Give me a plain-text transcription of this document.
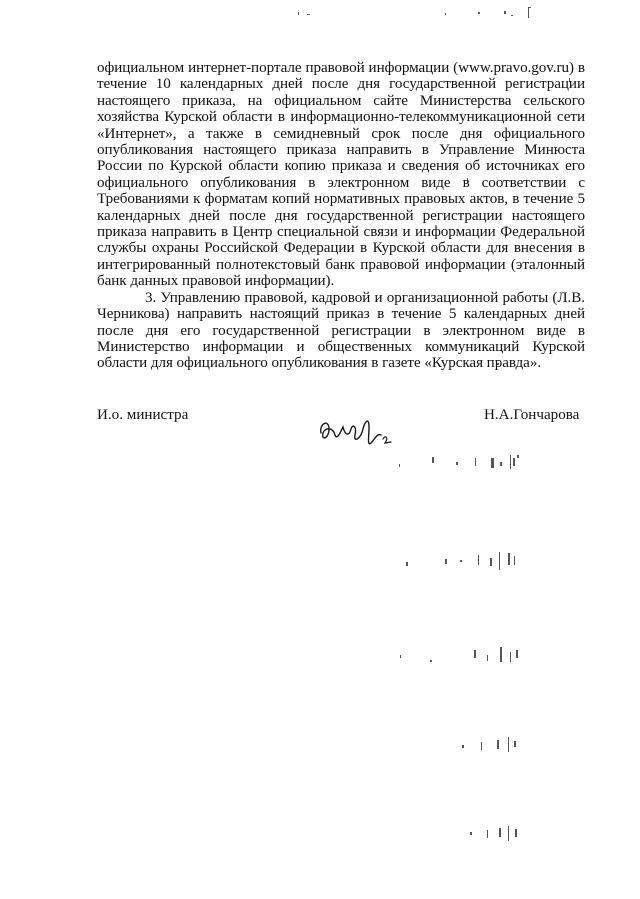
официальном интернет-портале правовой информации (www.pravo.gov.ru) в течение 10 календарных дней после дня государственной регистрации настоящего приказа, на официальном сайте Министерства сельского хозяйства Курской области в информационно-телекоммуникационной сети «Интернет», а также в семидневный срок после дня официального опубликования настоящего приказа направить в Управление Минюста России по Курской области копию приказа и сведения об источниках его официального опубликования в электронном виде в соответствии с Требованиями к форматам копий нормативных правовых актов, в течение 5 календарных дней после дня государственной регистрации настоящего приказа направить в Центр специальной связи и информации Федеральной службы охраны Российской Федерации в Курской области для внесения в интегрированный полнотекстовый банк правовой информации (эталонный банк данных правовой информации).

3. Управлению правовой, кадровой и организационной работы (Л.В. Черникова) направить настоящий приказ в течение 5 календарных дней после дня его государственной регистрации в электронном виде в Министерство информации и общественных коммуникаций Курской области для официального опубликования в газете «Курская правда».

И.о. министра	Н.А.Гончарова
